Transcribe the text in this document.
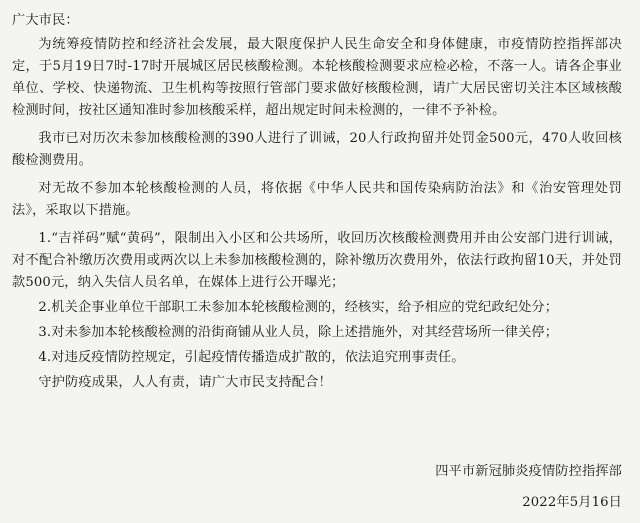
广大市民：

为统筹疫情防控和经济社会发展，最大限度保护人民生命安全和身体健康，市疫情防控指挥部决定，于5月19日7时-17时开展城区居民核酸检测。本轮核酸检测要求应检必检，不落一人。请各企事业单位、学校、快递物流、卫生机构等按照行管部门要求做好核酸检测，请广大居民密切关注本区域核酸检测时间，按社区通知准时参加核酸采样，超出规定时间未检测的，一律不予补检。

我市已对历次未参加核酸检测的390人进行了训诫，20人行政拘留并处罚金500元，470人收回核酸检测费用。

对无故不参加本轮核酸检测的人员，将依据《中华人民共和国传染病防治法》和《治安管理处罚法》，采取以下措施。

1.“吉祥码”赋“黄码”，限制出入小区和公共场所，收回历次核酸检测费用并由公安部门进行训诫，对不配合补缴历次费用或两次以上未参加核酸检测的，除补缴历次费用外，依法行政拘留10天，并处罚款500元，纳入失信人员名单，在媒体上进行公开曝光；

2.机关企事业单位干部职工未参加本轮核酸检测的，经核实，给予相应的党纪政纪处分；

3.对未参加本轮核酸检测的沿街商铺从业人员，除上述措施外，对其经营场所一律关停；

4.对违反疫情防控规定，引起疫情传播造成扩散的，依法追究刑事责任。

守护防疫成果，人人有责，请广大市民支持配合！

四平市新冠肺炎疫情防控指挥部
2022年5月16日
